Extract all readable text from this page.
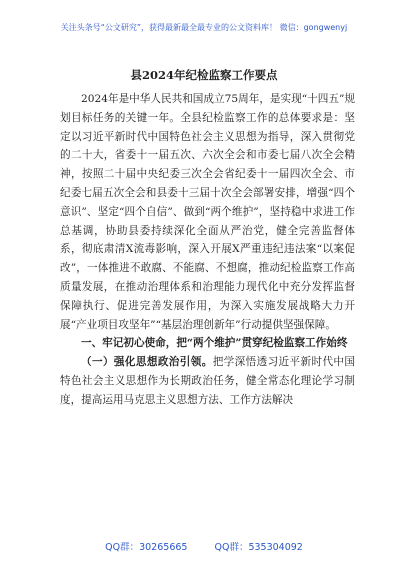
关注头条号“公文研究”，获得最新最全最专业的公文资料库！ 微信：gongwenyj
县2024年纪检监察工作要点

2024年是中华人民共和国成立75周年，是实现“十四五”规划目标任务的关键一年。全县纪检监察工作的总体要求是：坚定以习近平新时代中国特色社会主义思想为指导，深入贯彻党的二十大，省委十一届五次、六次全会和市委七届八次全会精神，按照二十届中央纪委三次全会省纪委十一届四次全会、市纪委七届五次全会和县委十三届十次全会部署安排，增强“四个意识”、坚定“四个自信”、做到“两个维护”，坚持稳中求进工作总基调，协助县委持续深化全面从严治党，健全完善监督体系，彻底肃清X流毒影响，深入开展X严重违纪违法案“以案促改”，一体推进不敢腐、不能腐、不想腐，推动纪检监察工作高质量发展，在推动治理体系和治理能力现代化中充分发挥监督保障执行、促进完善发展作用，为深入实施发展战略大力开展“产业项目攻坚年”“基层治理创新年”行动提供坚强保障。

一、牢记初心使命，把“两个维护”贯穿纪检监察工作始终

（一）强化思想政治引领。把学深悟透习近平新时代中国特色社会主义思想作为长期政治任务，健全常态化理论学习制度，提高运用马克思主义思想方法、工作方法解决

QQ群：30265665	QQ群：535304092
